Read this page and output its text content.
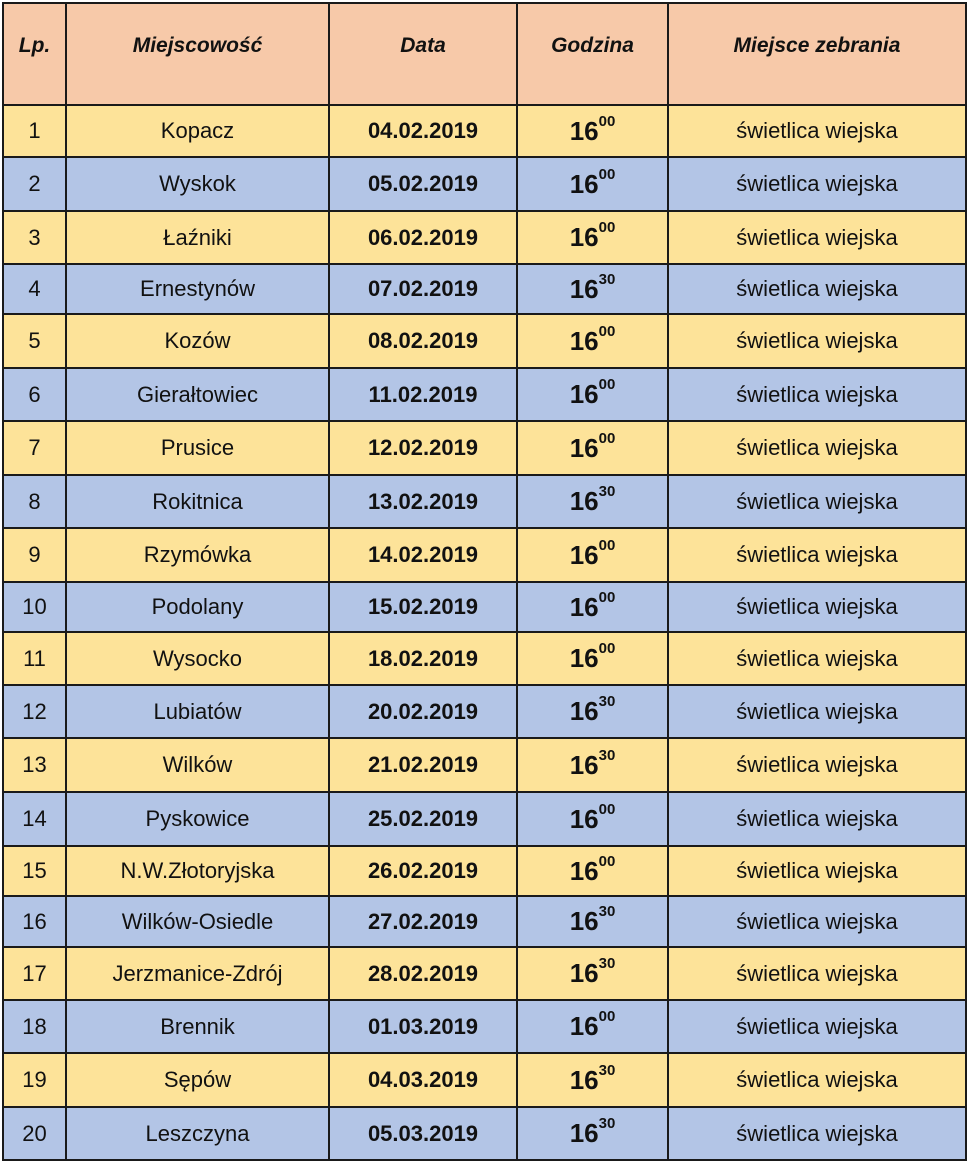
Lp.	Miejscowość	Data	Godzina	Miejsce zebrania
1	Kopacz	04.02.2019	$16^{00}$	świetlica wiejska
2	Wyskok	05.02.2019	$16^{00}$	świetlica wiejska
3	Łaźniki	06.02.2019	$16^{00}$	świetlica wiejska
4	Ernestynów	07.02.2019	$16^{30}$	świetlica wiejska
5	Kozów	08.02.2019	$16^{00}$	świetlica wiejska
6	Gierałtowiec	11.02.2019	$16^{00}$	świetlica wiejska
7	Prusice	12.02.2019	$16^{00}$	świetlica wiejska
8	Rokitnica	13.02.2019	$16^{30}$	świetlica wiejska
9	Rzymówka	14.02.2019	$16^{00}$	świetlica wiejska
10	Podolany	15.02.2019	$16^{00}$	świetlica wiejska
11	Wysocko	18.02.2019	$16^{00}$	świetlica wiejska
12	Lubiatów	20.02.2019	$16^{30}$	świetlica wiejska
13	Wilków	21.02.2019	$16^{30}$	świetlica wiejska
14	Pyskowice	25.02.2019	$16^{00}$	świetlica wiejska
15	N.W.Złotoryjska	26.02.2019	$16^{00}$	świetlica wiejska
16	Wilków-Osiedle	27.02.2019	$16^{30}$	świetlica wiejska
17	Jerzmanice-Zdrój	28.02.2019	$16^{30}$	świetlica wiejska
18	Brennik	01.03.2019	$16^{00}$	świetlica wiejska
19	Sępów	04.03.2019	$16^{30}$	świetlica wiejska
20	Leszczyna	05.03.2019	$16^{30}$	świetlica wiejska
